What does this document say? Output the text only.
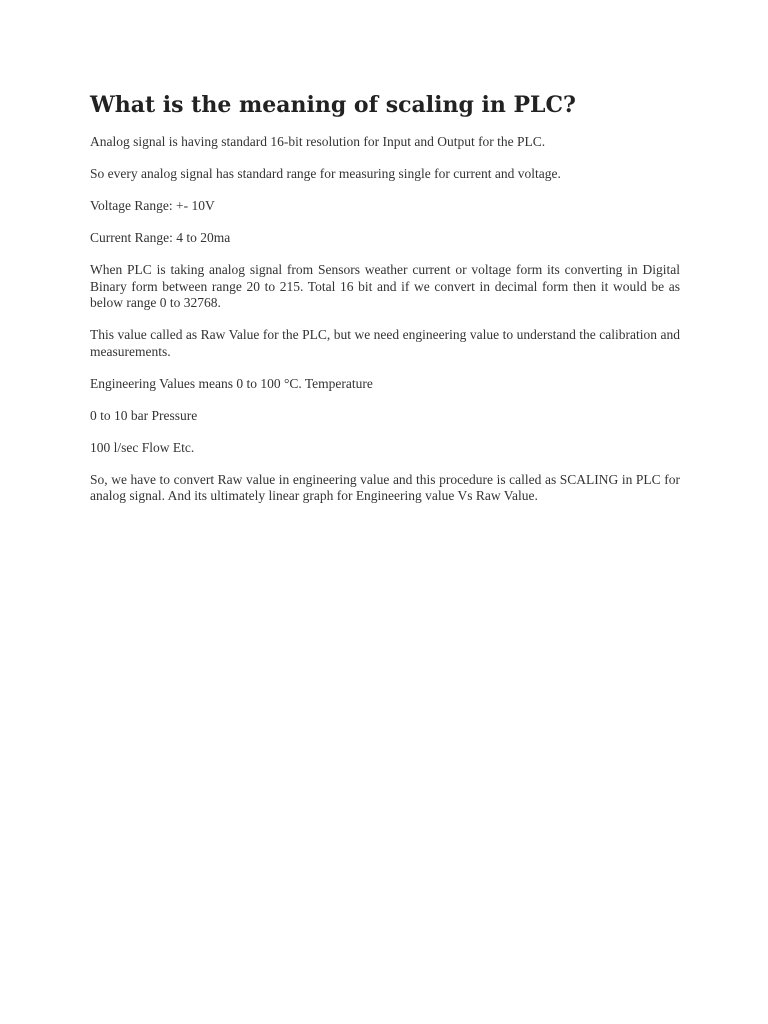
What is the meaning of scaling in PLC?

Analog signal is having standard 16-bit resolution for Input and Output for the PLC.

So every analog signal has standard range for measuring single for current and voltage.

Voltage Range: +- 10V

Current Range: 4 to 20ma

When PLC is taking analog signal from Sensors weather current or voltage form its converting in Digital Binary form between range 20 to 215. Total 16 bit and if we convert in decimal form then it would be as below range 0 to 32768.

This value called as Raw Value for the PLC, but we need engineering value to understand the calibration and measurements.

Engineering Values means 0 to 100 °C. Temperature

0 to 10 bar Pressure

100 l/sec Flow Etc.

So, we have to convert Raw value in engineering value and this procedure is called as SCALING in PLC for analog signal. And its ultimately linear graph for Engineering value Vs Raw Value.
